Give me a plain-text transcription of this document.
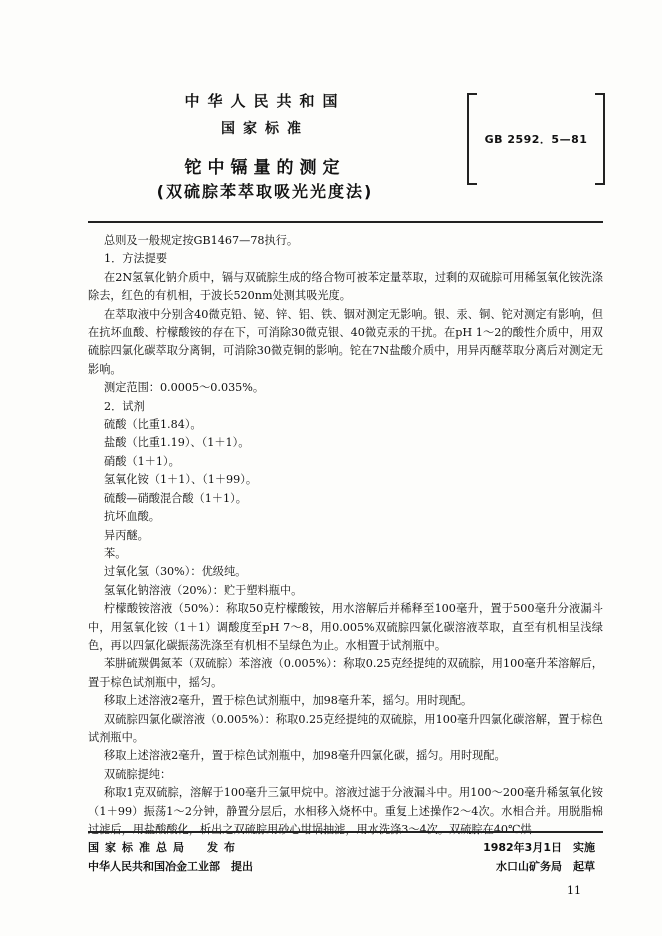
中华人民共和国
国家标准
铊中镉量的测定
(双硫腙苯萃取吸光光度法)
GB 2592．5—81

总则及一般规定按GB1467—78执行。

1．方法提要

在2N氢氧化钠介质中，镉与双硫腙生成的络合物可被苯定量萃取，过剩的双硫腙可用稀氢氧化铵洗涤除去，红色的有机相，于波长520nm处测其吸光度。

在萃取液中分别含40微克铅、铋、锌、铝、铁、铟对测定无影响。银、汞、铜、铊对测定有影响，但在抗坏血酸、柠檬酸铵的存在下，可消除30微克银、40微克汞的干扰。在pH 1～2的酸性介质中，用双硫腙四氯化碳萃取分离铜，可消除30微克铜的影响。铊在7N盐酸介质中，用异丙醚萃取分离后对测定无影响。

测定范围：0.0005～0.035%。

2．试剂

硫酸（比重1.84）。

盐酸（比重1.19）、（1＋1）。

硝酸（1＋1）。

氢氧化铵（1＋1）、（1＋99）。

硫酸—硝酸混合酸（1＋1）。

抗坏血酸。

异丙醚。

苯。

过氧化氢（30%）：优级纯。

氢氧化钠溶液（20%）：贮于塑料瓶中。

柠檬酸铵溶液（50%）：称取50克柠檬酸铵，用水溶解后并稀释至100毫升，置于500毫升分液漏斗中，用氢氧化铵（1＋1）调酸度至pH 7～8，用0.005%双硫腙四氯化碳溶液萃取，直至有机相呈浅绿色，再以四氯化碳振荡洗涤至有机相不呈绿色为止。水相置于试剂瓶中。

苯肼硫羰偶氮苯（双硫腙）苯溶液（0.005%）：称取0.25克经提纯的双硫腙，用100毫升苯溶解后，置于棕色试剂瓶中，摇匀。

移取上述溶液2毫升，置于棕色试剂瓶中，加98毫升苯，摇匀。用时现配。

双硫腙四氯化碳溶液（0.005%）：称取0.25克经提纯的双硫腙，用100毫升四氯化碳溶解，置于棕色试剂瓶中。

移取上述溶液2毫升，置于棕色试剂瓶中，加98毫升四氯化碳，摇匀。用时现配。

双硫腙提纯：

称取1克双硫腙，溶解于100毫升三氯甲烷中。溶液过滤于分液漏斗中。用100～200毫升稀氢氧化铵（1＋99）振荡1～2分钟，静置分层后，水相移入烧杯中。重复上述操作2～4次。水相合并。用脱脂棉过滤后，用盐酸酸化，析出之双硫腙用砂心坩埚抽滤，用水洗涤3～4次。双硫腙在40℃烘

国家标准总局　 发布	1982年3月1日　 实施
中华人民共和国冶金工业部　 提出	水口山矿务局　 起草
11
